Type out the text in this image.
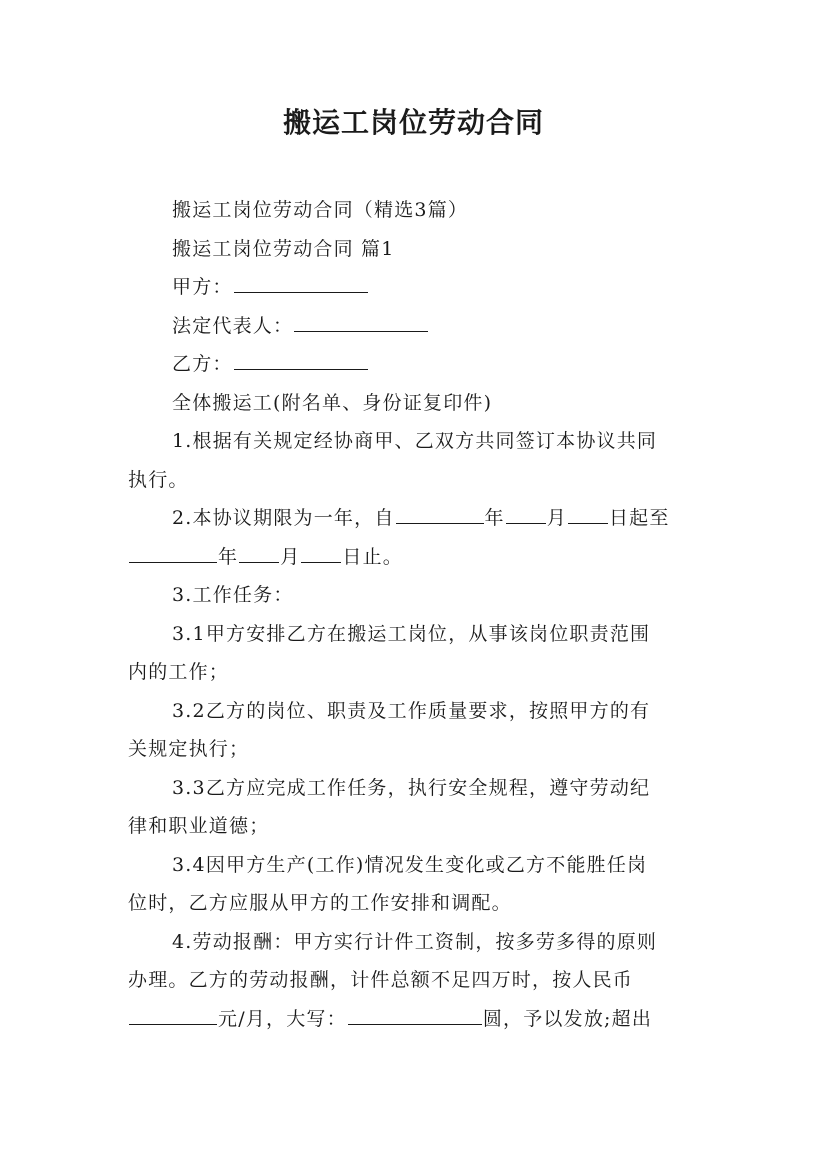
搬运工岗位劳动合同
搬运工岗位劳动合同（精选3篇）
搬运工岗位劳动合同 篇1
甲方：
法定代表人：
乙方：
全体搬运工(附名单、身份证复印件)
1.根据有关规定经协商甲、乙双方共同签订本协议共同
执行。
2.本协议期限为一年，自	年 月 日起至
年 月 日止。
3.工作任务：
3.1甲方安排乙方在搬运工岗位，从事该岗位职责范围
内的工作；
3.2乙方的岗位、职责及工作质量要求，按照甲方的有
关规定执行；
3.3乙方应完成工作任务，执行安全规程，遵守劳动纪
律和职业道德；
3.4因甲方生产(工作)情况发生变化或乙方不能胜任岗
位时，乙方应服从甲方的工作安排和调配。
4.劳动报酬：甲方实行计件工资制，按多劳多得的原则
办理。乙方的劳动报酬，计件总额不足四万时，按人民币
元/月，大写：	圆，予以发放;超出
